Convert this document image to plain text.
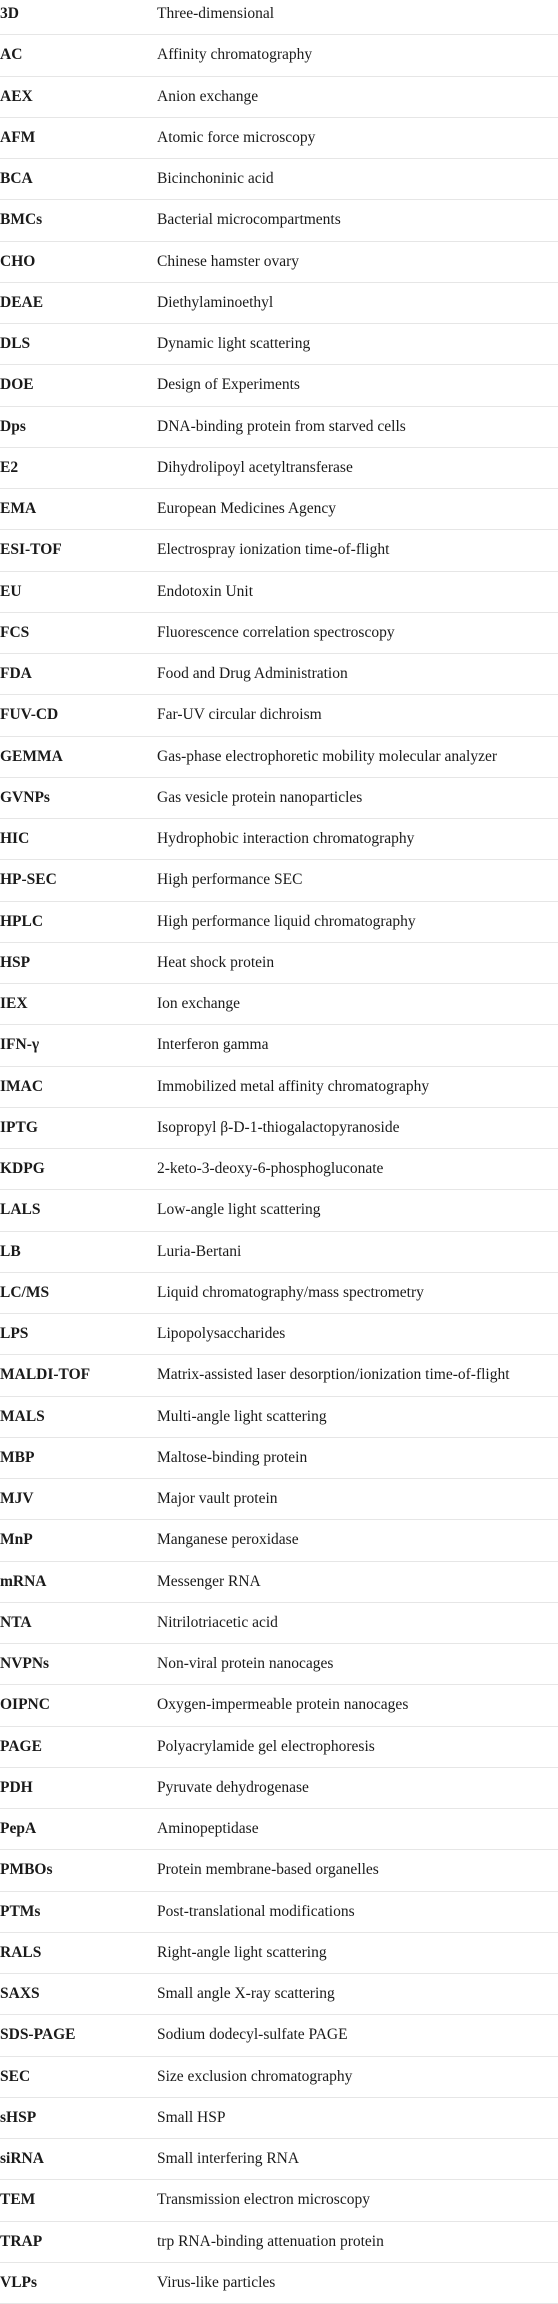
3D	Three-dimensional
AC	Affinity chromatography
AEX	Anion exchange
AFM	Atomic force microscopy
BCA	Bicinchoninic acid
BMCs	Bacterial microcompartments
CHO	Chinese hamster ovary
DEAE	Diethylaminoethyl
DLS	Dynamic light scattering
DOE	Design of Experiments
Dps	DNA-binding protein from starved cells
E2	Dihydrolipoyl acetyltransferase
EMA	European Medicines Agency
ESI-TOF	Electrospray ionization time-of-flight
EU	Endotoxin Unit
FCS	Fluorescence correlation spectroscopy
FDA	Food and Drug Administration
FUV-CD	Far-UV circular dichroism
GEMMA	Gas-phase electrophoretic mobility molecular analyzer
GVNPs	Gas vesicle protein nanoparticles
HIC	Hydrophobic interaction chromatography
HP-SEC	High performance SEC
HPLC	High performance liquid chromatography
HSP	Heat shock protein
IEX	Ion exchange
IFN-γ	Interferon gamma
IMAC	Immobilized metal affinity chromatography
IPTG	Isopropyl β-D-1-thiogalactopyranoside
KDPG	2-keto-3-deoxy-6-phosphogluconate
LALS	Low-angle light scattering
LB	Luria-Bertani
LC/MS	Liquid chromatography/mass spectrometry
LPS	Lipopolysaccharides
MALDI-TOF	Matrix-assisted laser desorption/ionization time-of-flight
MALS	Multi-angle light scattering
MBP	Maltose-binding protein
MJV	Major vault protein
MnP	Manganese peroxidase
mRNA	Messenger RNA
NTA	Nitrilotriacetic acid
NVPNs	Non-viral protein nanocages
OIPNC	Oxygen-impermeable protein nanocages
PAGE	Polyacrylamide gel electrophoresis
PDH	Pyruvate dehydrogenase
PepA	Aminopeptidase
PMBOs	Protein membrane-based organelles
PTMs	Post-translational modifications
RALS	Right-angle light scattering
SAXS	Small angle X-ray scattering
SDS-PAGE	Sodium dodecyl-sulfate PAGE
SEC	Size exclusion chromatography
sHSP	Small HSP
siRNA	Small interfering RNA
TEM	Transmission electron microscopy
TRAP	trp RNA-binding attenuation protein
VLPs	Virus-like particles
